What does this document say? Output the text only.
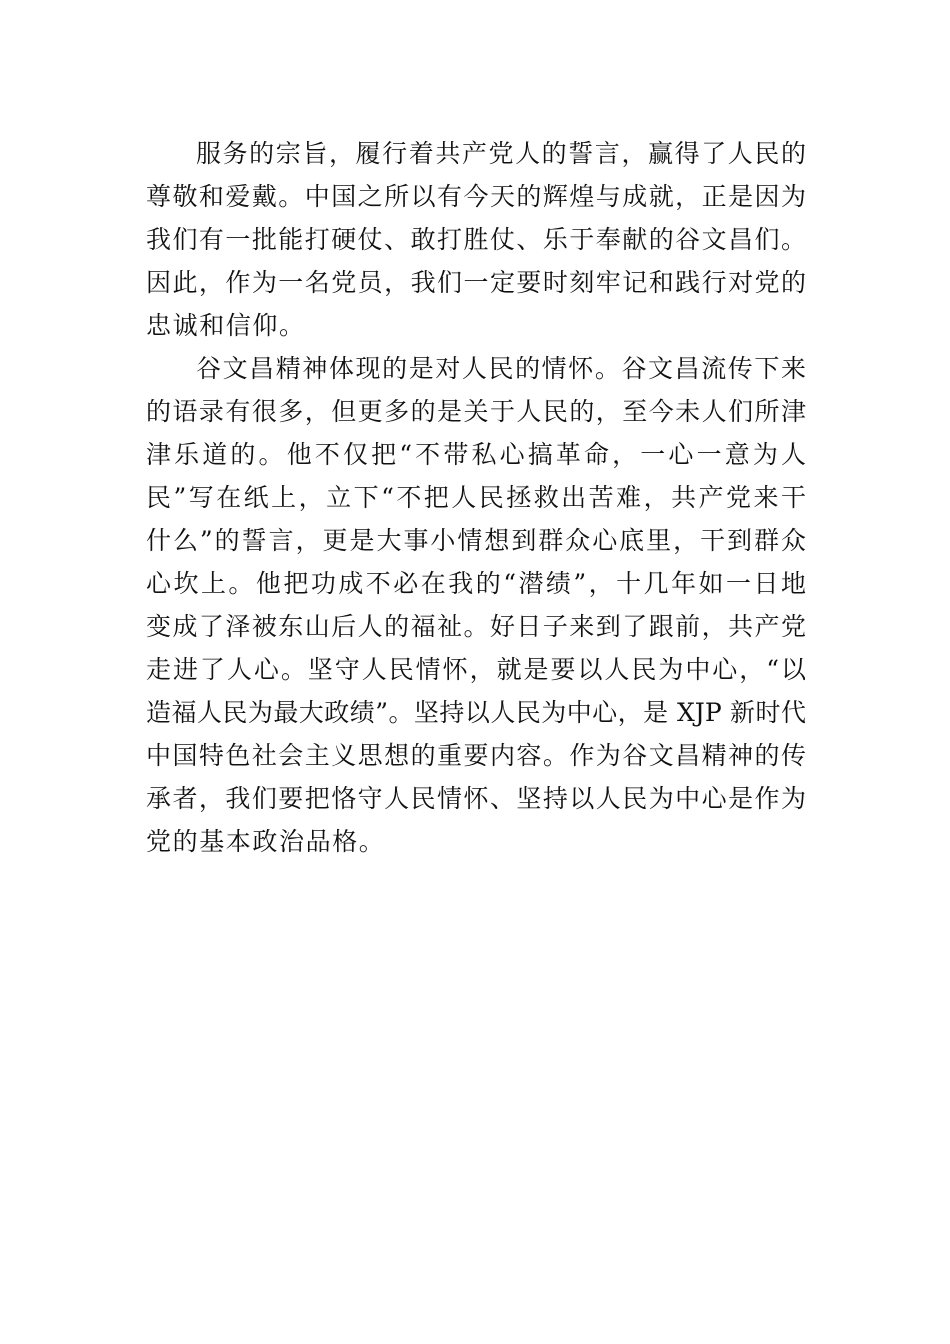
服务的宗旨，履行着共产党人的誓言，赢得了人民的
尊敬和爱戴。中国之所以有今天的辉煌与成就，正是因为
我们有一批能打硬仗、敢打胜仗、乐于奉献的谷文昌们。
因此，作为一名党员，我们一定要时刻牢记和践行对党的
忠诚和信仰。
谷文昌精神体现的是对人民的情怀。谷文昌流传下来
的语录有很多，但更多的是关于人民的，至今未人们所津
津乐道的。他不仅把“不带私心搞革命，一心一意为人
民”写在纸上，立下“不把人民拯救出苦难，共产党来干
什么”的誓言，更是大事小情想到群众心底里，干到群众
心坎上。他把功成不必在我的“潜绩”，十几年如一日地
变成了泽被东山后人的福祉。好日子来到了跟前，共产党
走进了人心。坚守人民情怀，就是要以人民为中心，“以
造福人民为最大政绩”。坚持以人民为中心，是 XJP 新时代
中国特色社会主义思想的重要内容。作为谷文昌精神的传
承者，我们要把恪守人民情怀、坚持以人民为中心是作为
党的基本政治品格。
